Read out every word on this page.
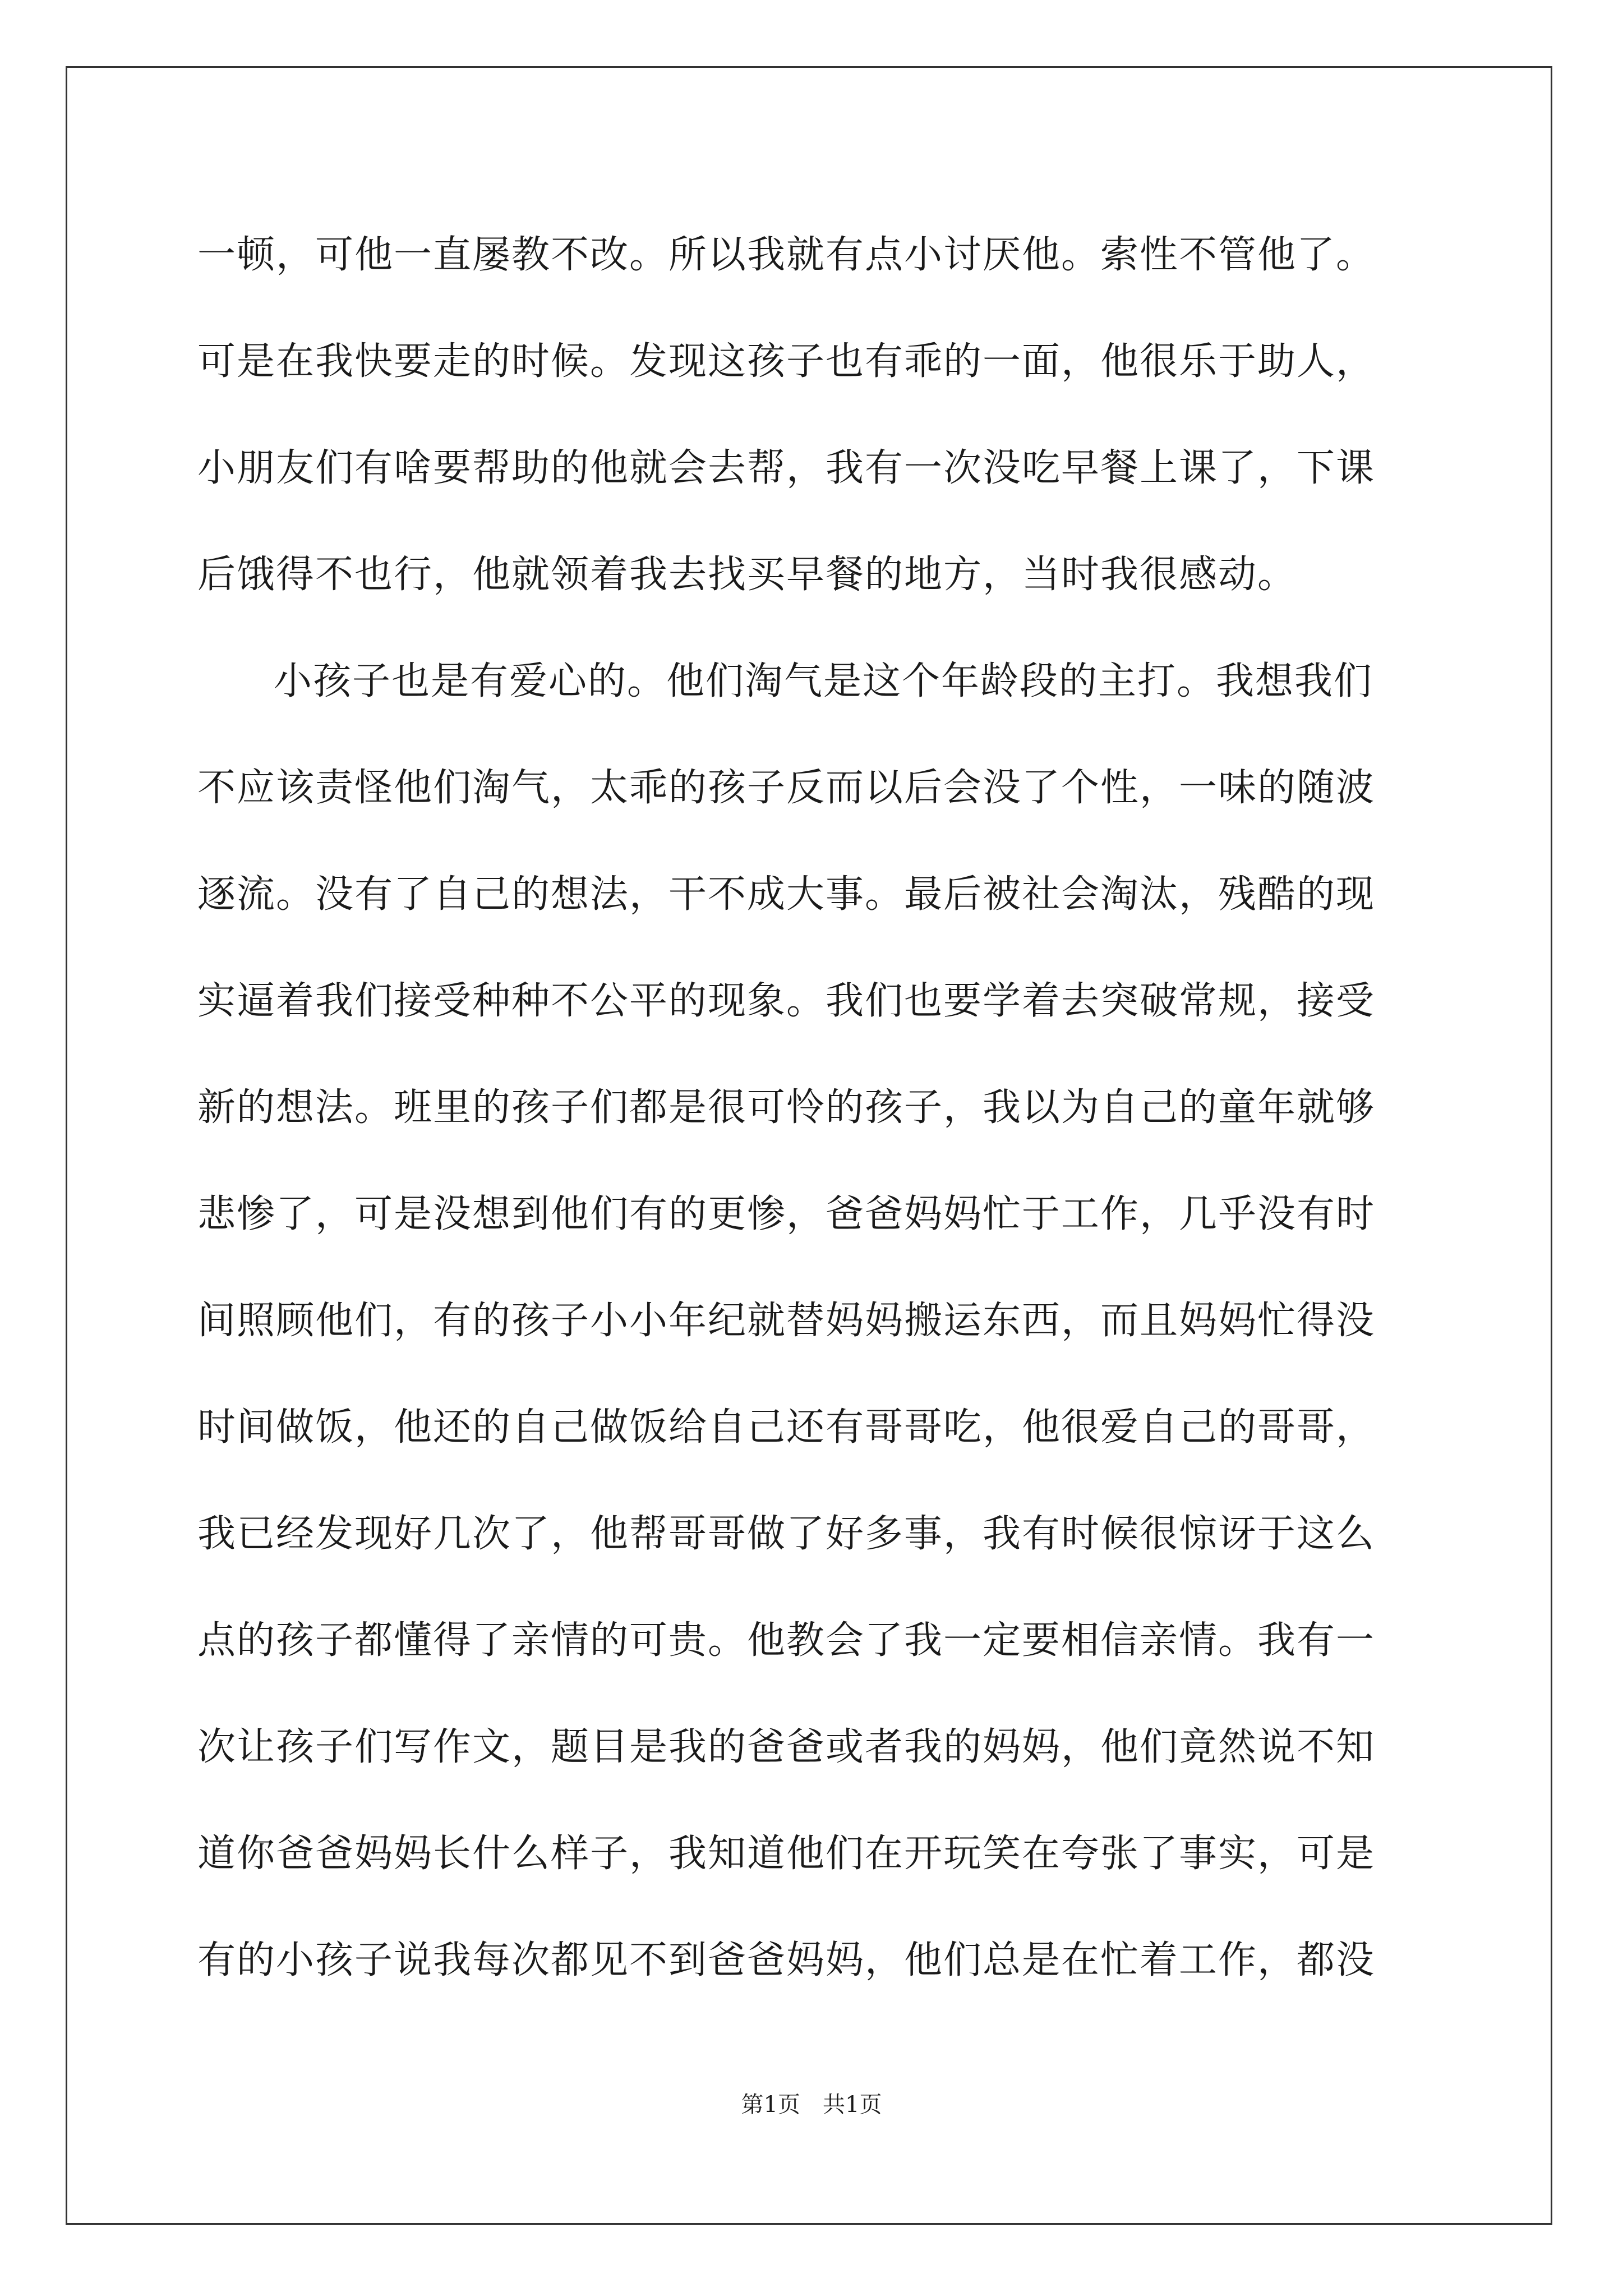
一顿，可他一直屡教不改。所以我就有点小讨厌他。索性不管他了。
可是在我快要走的时候。发现这孩子也有乖的一面，他很乐于助人，
小朋友们有啥要帮助的他就会去帮，我有一次没吃早餐上课了，下课
后饿得不也行，他就领着我去找买早餐的地方，当时我很感动。
小孩子也是有爱心的。他们淘气是这个年龄段的主打。我想我们
不应该责怪他们淘气，太乖的孩子反而以后会没了个性，一味的随波
逐流。没有了自己的想法，干不成大事。最后被社会淘汰，残酷的现
实逼着我们接受种种不公平的现象。我们也要学着去突破常规，接受
新的想法。班里的孩子们都是很可怜的孩子，我以为自己的童年就够
悲惨了，可是没想到他们有的更惨，爸爸妈妈忙于工作，几乎没有时
间照顾他们，有的孩子小小年纪就替妈妈搬运东西，而且妈妈忙得没
时间做饭，他还的自己做饭给自己还有哥哥吃，他很爱自己的哥哥，
我已经发现好几次了，他帮哥哥做了好多事，我有时候很惊讶于这么
点的孩子都懂得了亲情的可贵。他教会了我一定要相信亲情。我有一
次让孩子们写作文，题目是我的爸爸或者我的妈妈，他们竟然说不知
道你爸爸妈妈长什么样子，我知道他们在开玩笑在夸张了事实，可是
有的小孩子说我每次都见不到爸爸妈妈，他们总是在忙着工作，都没
第1页　共1页
